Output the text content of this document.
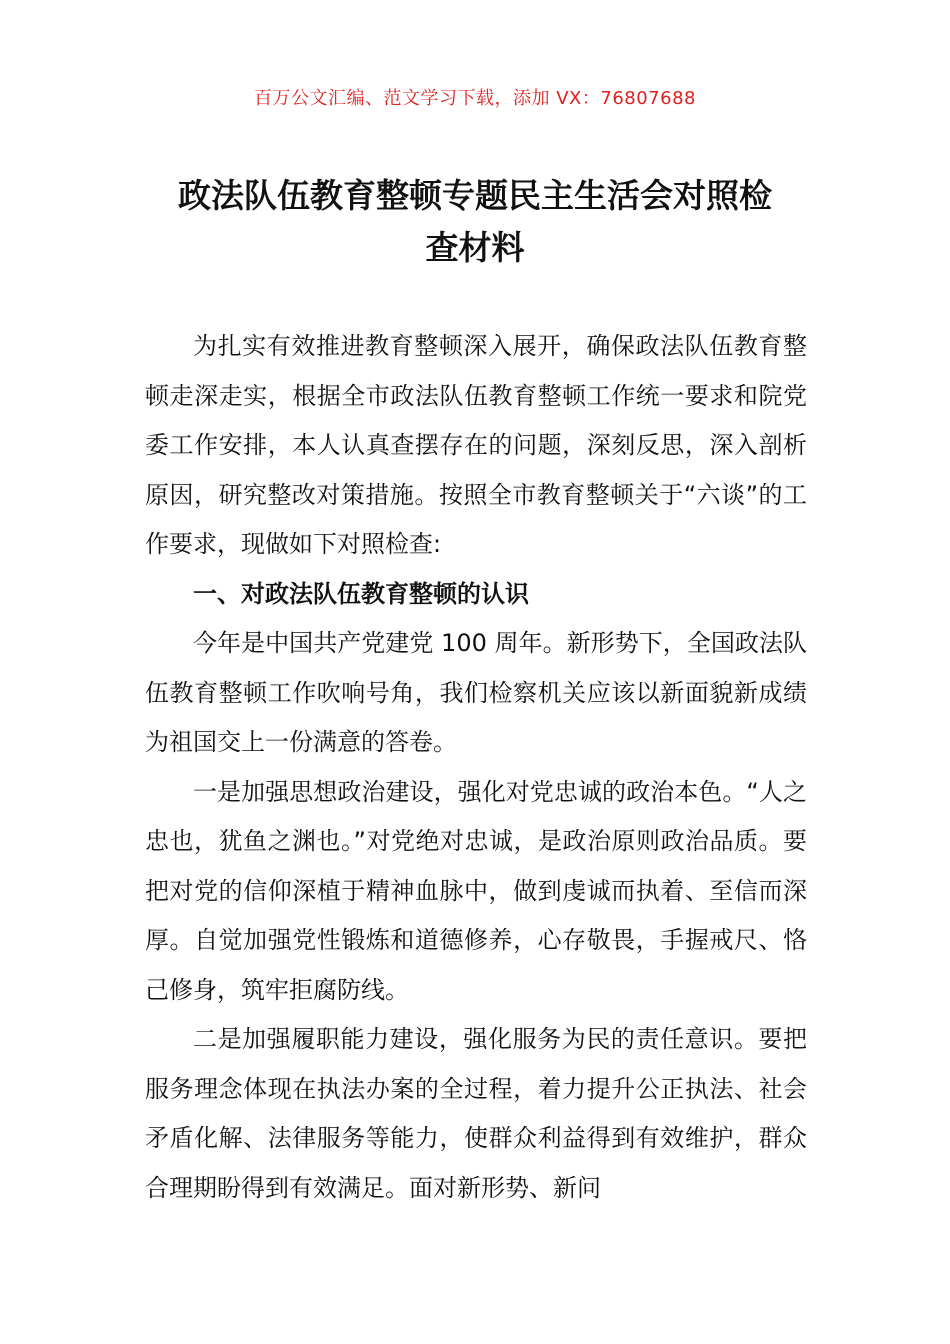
百万公文汇编、范文学习下载，添加 VX：76807688
政法队伍教育整顿专题民主生活会对照检
查材料

为扎实有效推进教育整顿深入展开，确保政法队伍教育整顿走深走实，根据全市政法队伍教育整顿工作统一要求和院党委工作安排，本人认真查摆存在的问题，深刻反思，深入剖析原因，研究整改对策措施。按照全市教育整顿关于“六谈”的工作要求，现做如下对照检查:

一、对政法队伍教育整顿的认识

今年是中国共产党建党 100 周年。新形势下，全国政法队伍教育整顿工作吹响号角，我们检察机关应该以新面貌新成绩为祖国交上一份满意的答卷。

一是加强思想政治建设，强化对党忠诚的政治本色。“人之忠也，犹鱼之渊也。”对党绝对忠诚，是政治原则政治品质。要把对党的信仰深植于精神血脉中，做到虔诚而执着、至信而深厚。自觉加强党性锻炼和道德修养，心存敬畏，手握戒尺、恪己修身，筑牢拒腐防线。

二是加强履职能力建设，强化服务为民的责任意识。要把服务理念体现在执法办案的全过程，着力提升公正执法、社会矛盾化解、法律服务等能力，使群众利益得到有效维护，群众合理期盼得到有效满足。面对新形势、新问
